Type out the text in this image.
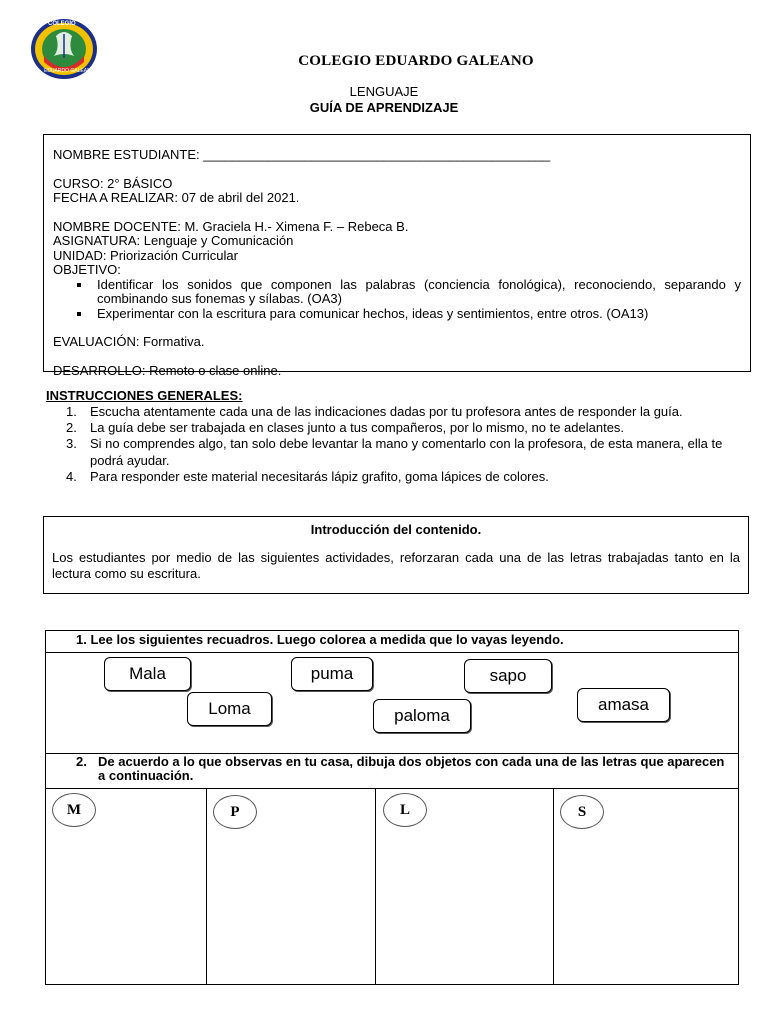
COLEGIO
EDUARDO GALEANO
COLEGIO EDUARDO GALEANO
LENGUAJE
GUÍA DE APRENDIZAJE
NOMBRE ESTUDIANTE: ________________________________________________
CURSO: 2° BÁSICO
FECHA A REALIZAR: 07 de abril del 2021.
NOMBRE DOCENTE: M. Graciela H.- Ximena F. – Rebeca B.
ASIGNATURA: Lenguaje y Comunicación
UNIDAD: Priorización Curricular
OBJETIVO:
Identificar los sonidos que componen las palabras (conciencia fonológica), reconociendo, separando y combinando sus fonemas y sílabas. (OA3)
Experimentar con la escritura para comunicar hechos, ideas y sentimientos, entre otros. (OA13)
EVALUACIÓN: Formativa.
DESARROLLO: Remoto o clase online.
INSTRUCCIONES GENERALES:
1. Escucha atentamente cada una de las indicaciones dadas por tu profesora antes de responder la guía.
2. La guía debe ser trabajada en clases junto a tus compañeros, por lo mismo, no te adelantes.
3. Si no comprendes algo, tan solo debe levantar la mano y comentarlo con la profesora, de esta manera, ella te podrá ayudar.
4. Para responder este material necesitarás lápiz grafito, goma lápices de colores.
Introducción del contenido.
Los estudiantes por medio de las siguientes actividades, reforzaran cada una de las letras trabajadas tanto en la lectura como su escritura.
1. Lee los siguientes recuadros. Luego colorea a medida que lo vayas leyendo.
Mala	puma	sapo
Loma	paloma
amasa
2. De acuerdo a lo que observas en tu casa, dibuja dos objetos con cada una de las letras que aparecen a continuación.
M	P	L	S
